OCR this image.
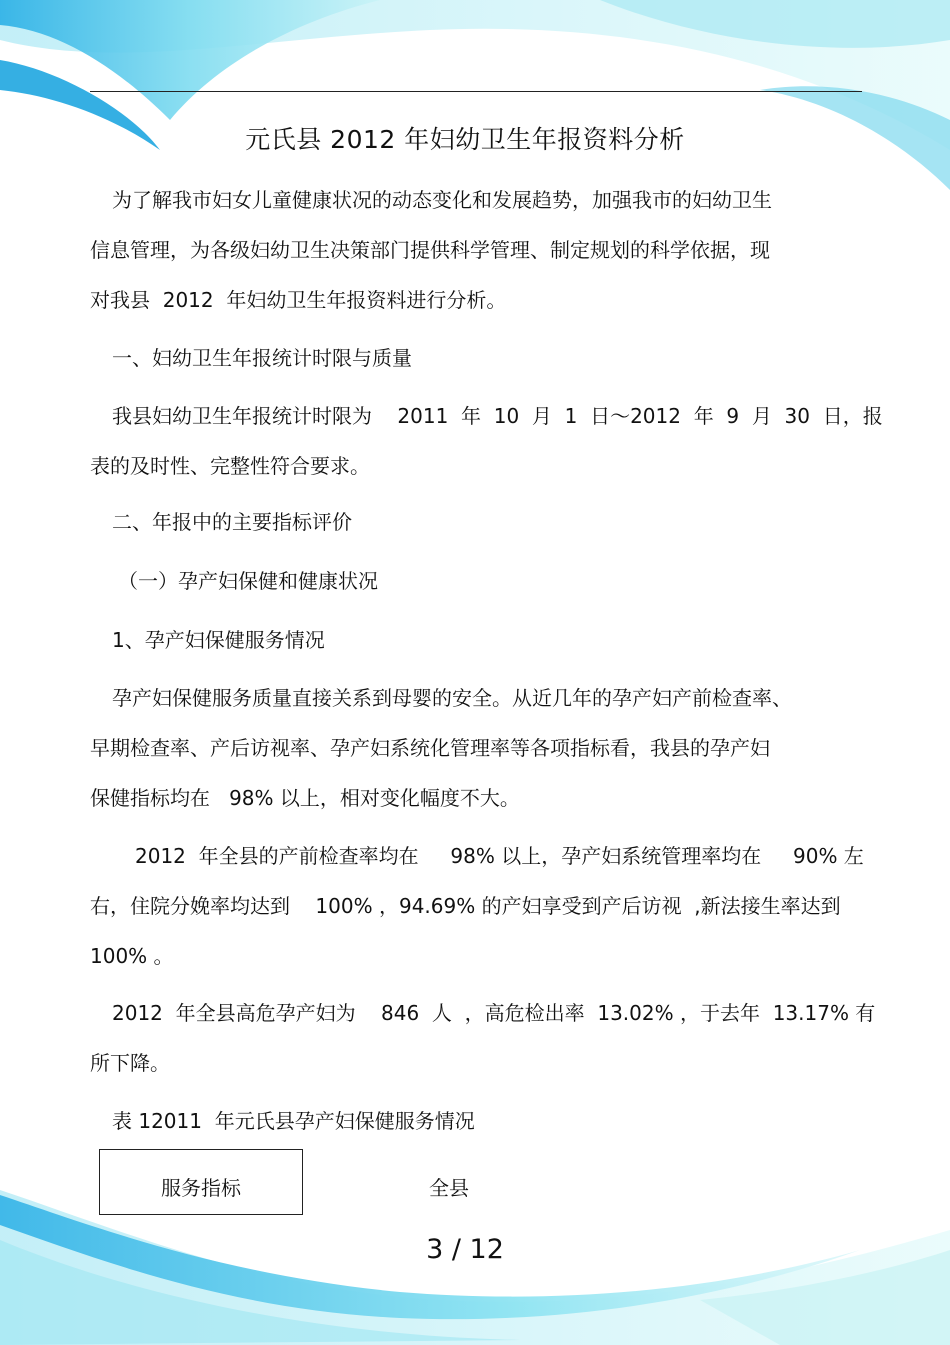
元氏县 2012 年妇幼卫生年报资料分析
为了解我市妇女儿童健康状况的动态变化和发展趋势，加强我市的妇幼卫生
信息管理，为各级妇幼卫生决策部门提供科学管理、制定规划的科学依据，现
对我县  2012  年妇幼卫生年报资料进行分析。
一、妇幼卫生年报统计时限与质量
我县妇幼卫生年报统计时限为    2011  年  10  月  1  日～2012  年  9  月  30  日，报
表的及时性、完整性符合要求。
二、年报中的主要指标评价
（一）孕产妇保健和健康状况
1、孕产妇保健服务情况
孕产妇保健服务质量直接关系到母婴的安全。从近几年的孕产妇产前检查率、
早期检查率、产后访视率、孕产妇系统化管理率等各项指标看，我县的孕产妇
保健指标均在   98% 以上，相对变化幅度不大。
2012  年全县的产前检查率均在     98% 以上，孕产妇系统管理率均在     90% 左
右，住院分娩率均达到    100% ，94.69% 的产妇享受到产后访视  ,新法接生率达到
100% 。
2012  年全县高危孕产妇为    846  人  ，高危检出率  13.02% ，于去年  13.17% 有
所下降。
表 12011  年元氏县孕产妇保健服务情况
服务指标	全县
3 / 12
